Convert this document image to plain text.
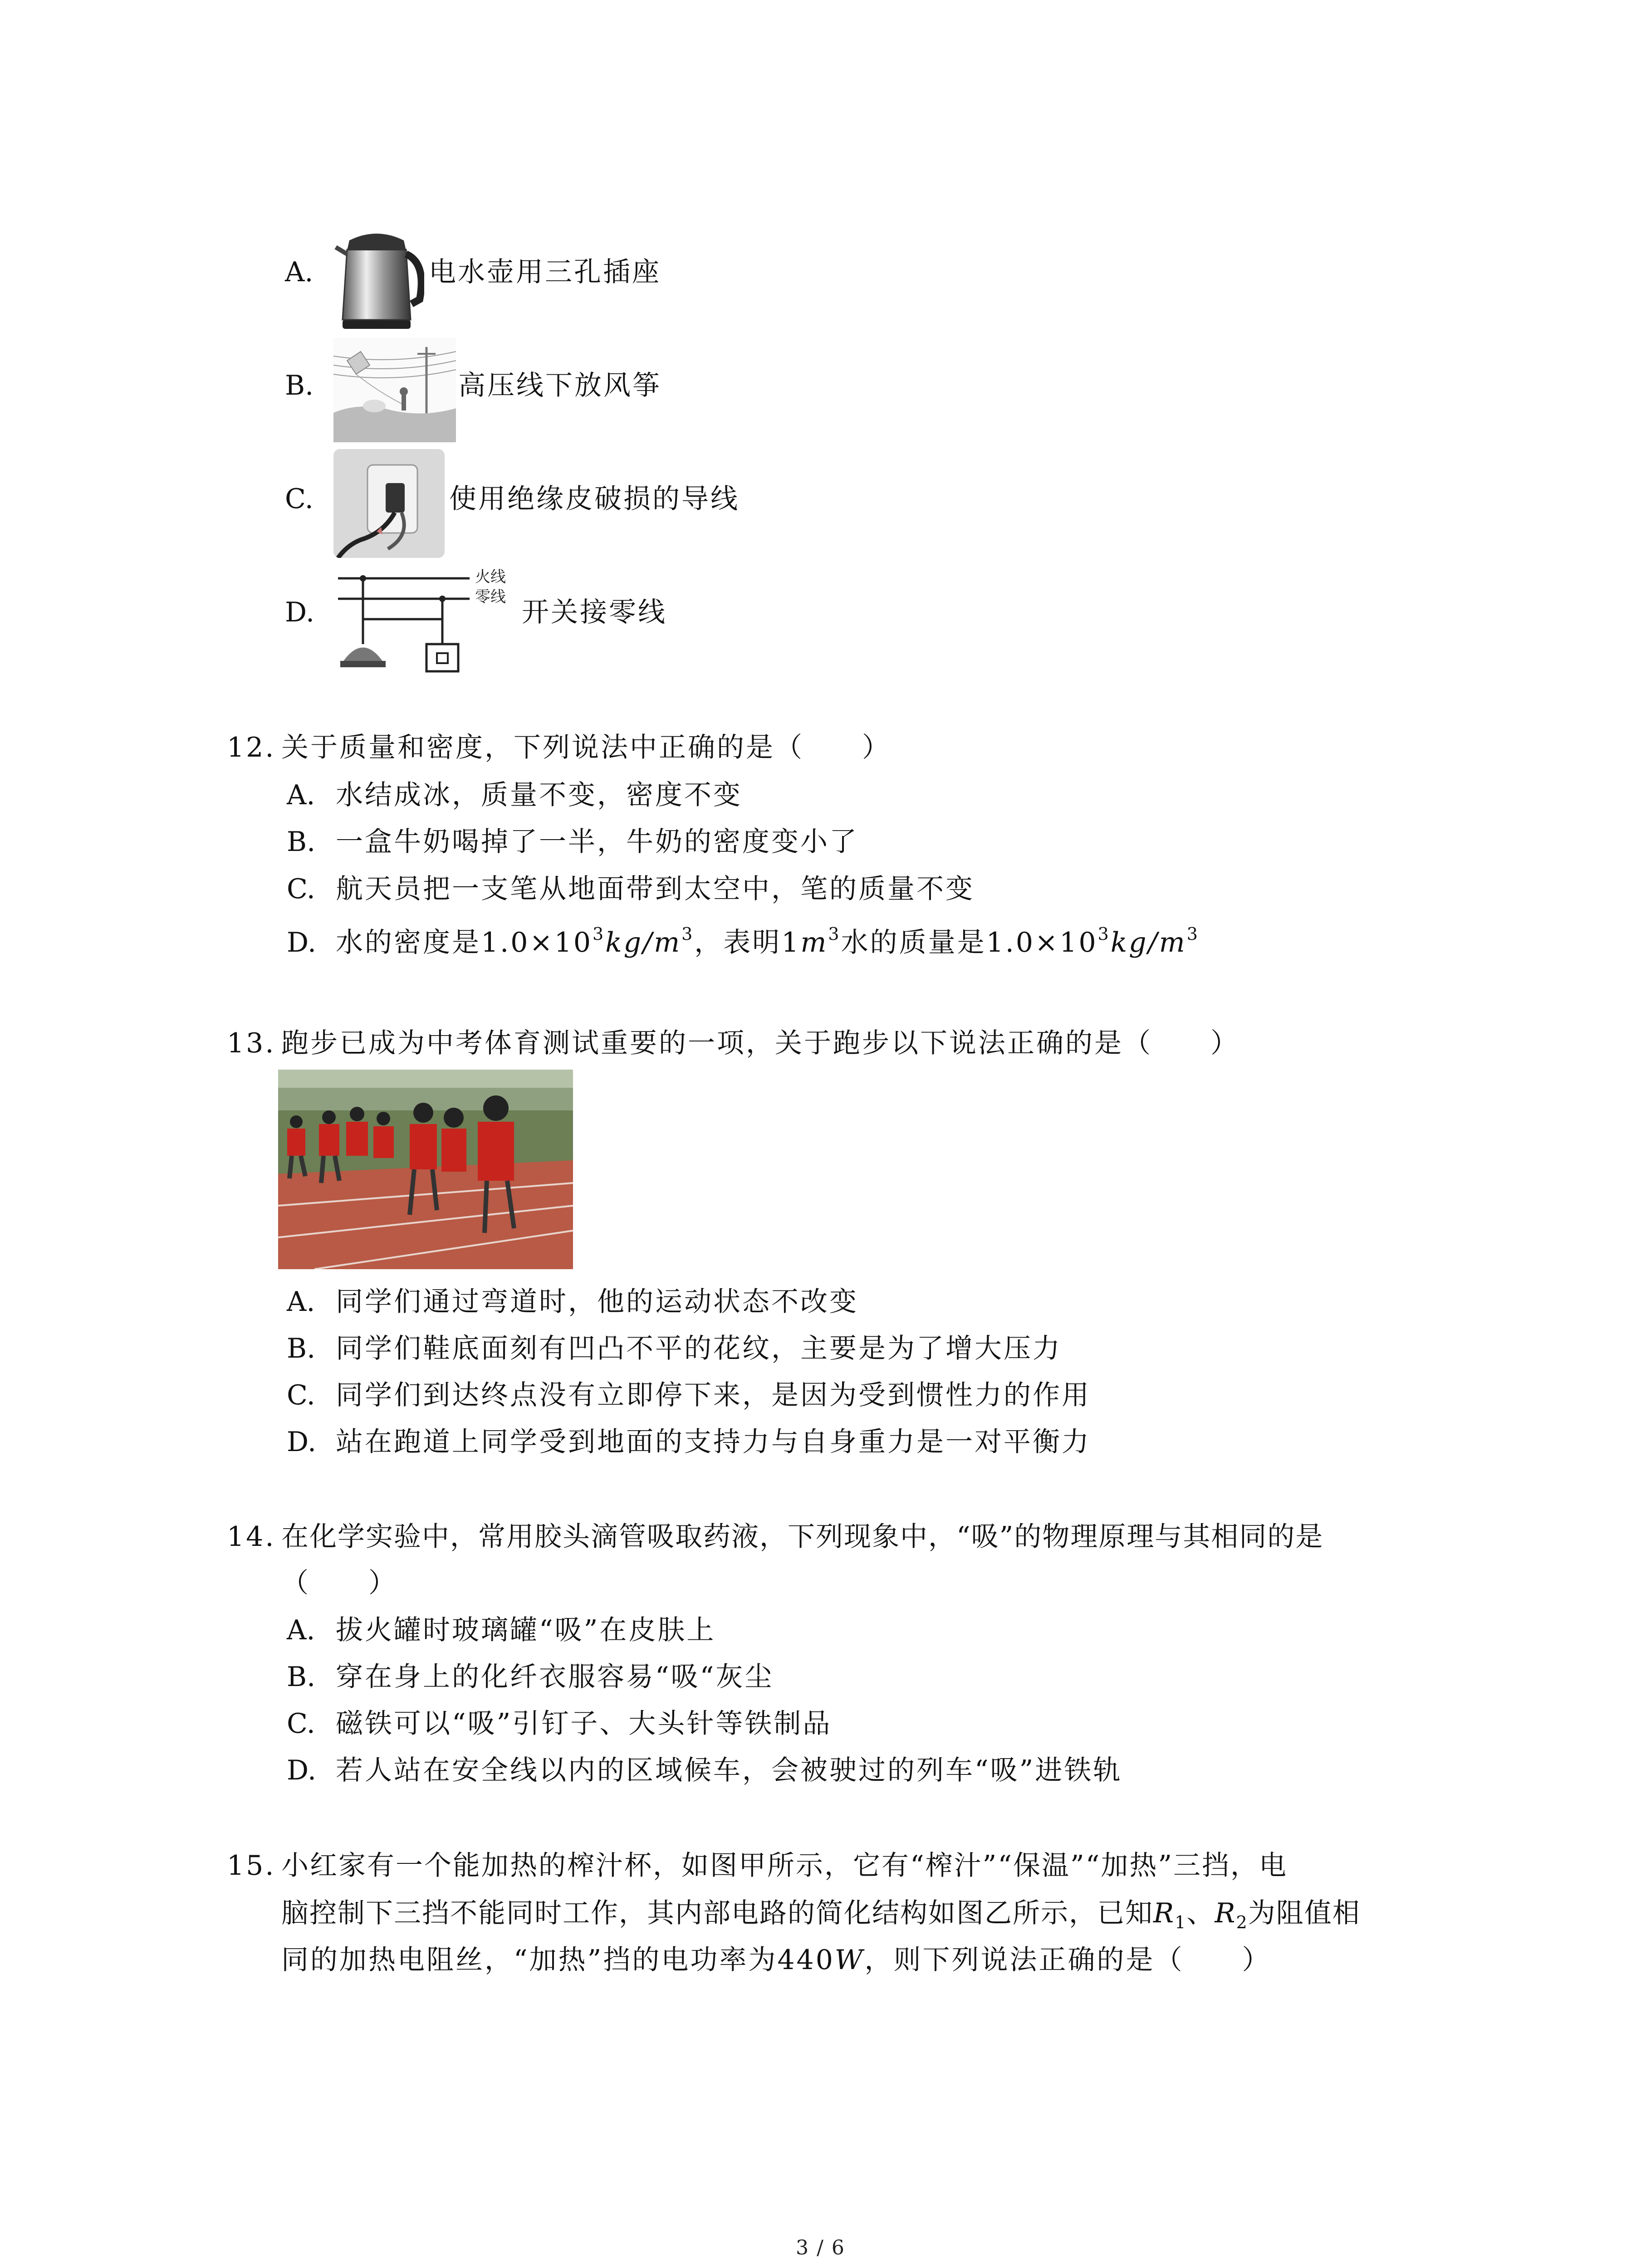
A.	电水壶用三孔插座
B.	高压线下放风筝
C.	使用绝缘皮破损的导线
D.
火线
零线 开关接零线
12. 关于质量和密度，下列说法中正确的是（　　）
A. 水结成冰，质量不变，密度不变
B. 一盒牛奶喝掉了一半，牛奶的密度变小了
C. 航天员把一支笔从地面带到太空中，笔的质量不变
D. 水的密度是$1.0\times 10^3kg/m^3$，表明$1m^3$水的质量是$1.0\times 10^3kg/m^3$
13. 跑步已成为中考体育测试重要的一项，关于跑步以下说法正确的是（　　）
A. 同学们通过弯道时，他的运动状态不改变
B. 同学们鞋底面刻有凹凸不平的花纹，主要是为了增大压力
C. 同学们到达终点没有立即停下来，是因为受到惯性力的作用
D. 站在跑道上同学受到地面的支持力与自身重力是一对平衡力
14. 在化学实验中，常用胶头滴管吸取药液，下列现象中，“吸”的物理原理与其相同的是
（　　）
A. 拔火罐时玻璃罐“吸”在皮肤上
B. 穿在身上的化纤衣服容易“吸“灰尘
C. 磁铁可以“吸”引钉子、大头针等铁制品
D. 若人站在安全线以内的区域候车，会被驶过的列车“吸”进铁轨
15. 小红家有一个能加热的榨汁杯，如图甲所示，它有“榨汁”“保温”“加热”三挡，电
脑控制下三挡不能同时工作，其内部电路的简化结构如图乙所示，已知$R_1$、$R_2$为阻值相
同的加热电阻丝，“加热”挡的电功率为440W，则下列说法正确的是（　　）
3 / 6
